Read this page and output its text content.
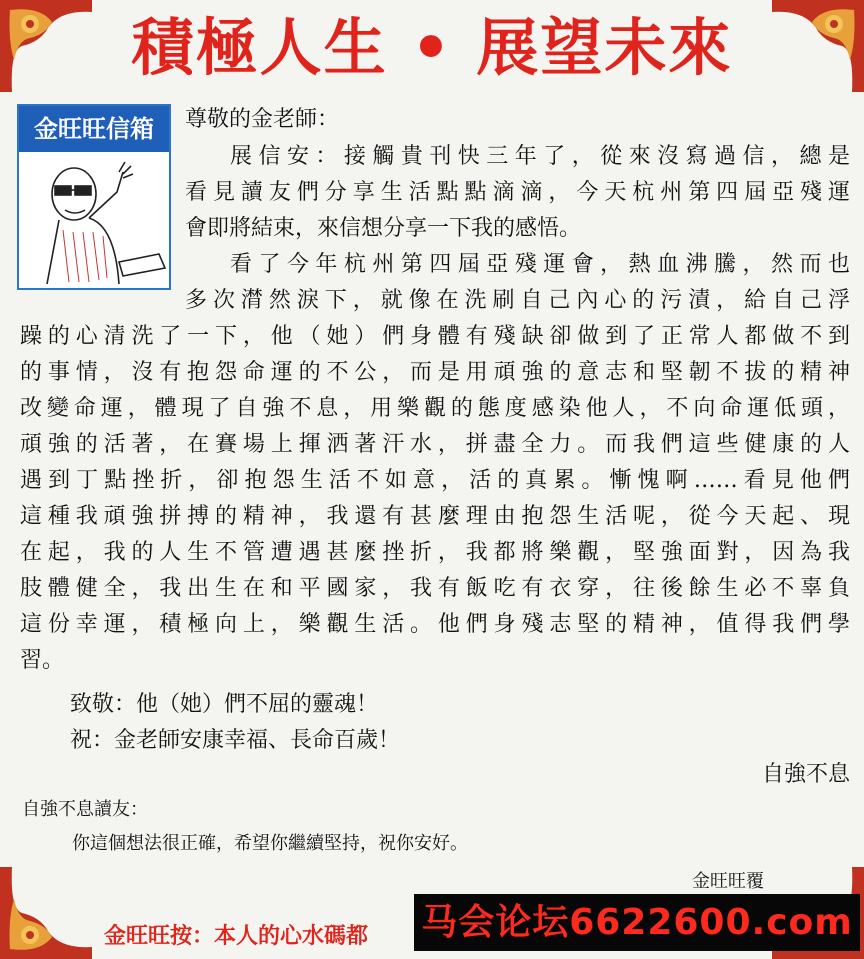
積極人生 • 展望未來
金旺旺信箱	尊敬的金老師：
展信安：接觸貴刊快三年了，從來沒寫過信，總是
看見讀友們分享生活點點滴滴，今天杭州第四屆亞殘運
會即將結束，來信想分享一下我的感悟。
看了今年杭州第四屆亞殘運會，熱血沸騰，然而也
多次潸然淚下，就像在洗刷自己內心的污漬，給自己浮
躁的心清洗了一下，他（她）們身體有殘缺卻做到了正常人都做不到
的事情，沒有抱怨命運的不公，而是用頑強的意志和堅韌不拔的精神
改變命運，體現了自強不息，用樂觀的態度感染他人，不向命運低頭，
頑強的活著，在賽場上揮洒著汗水，拼盡全力。而我們這些健康的人
遇到丁點挫折，卻抱怨生活不如意，活的真累。慚愧啊……看見他們
這種我頑強拼搏的精神，我還有甚麼理由抱怨生活呢，從今天起、現
在起，我的人生不管遭遇甚麼挫折，我都將樂觀，堅強面對，因為我
肢體健全，我出生在和平國家，我有飯吃有衣穿，往後餘生必不辜負
這份幸運，積極向上，樂觀生活。他們身殘志堅的精神，值得我們學
習。
致敬：他（她）們不屈的靈魂！
祝：金老師安康幸福、長命百歲！
自強不息
自強不息讀友：
你這個想法很正確，希望你繼續堅持，祝你安好。
金旺旺覆
金旺旺按：本人的心水碼都 马会论坛6622600.com
